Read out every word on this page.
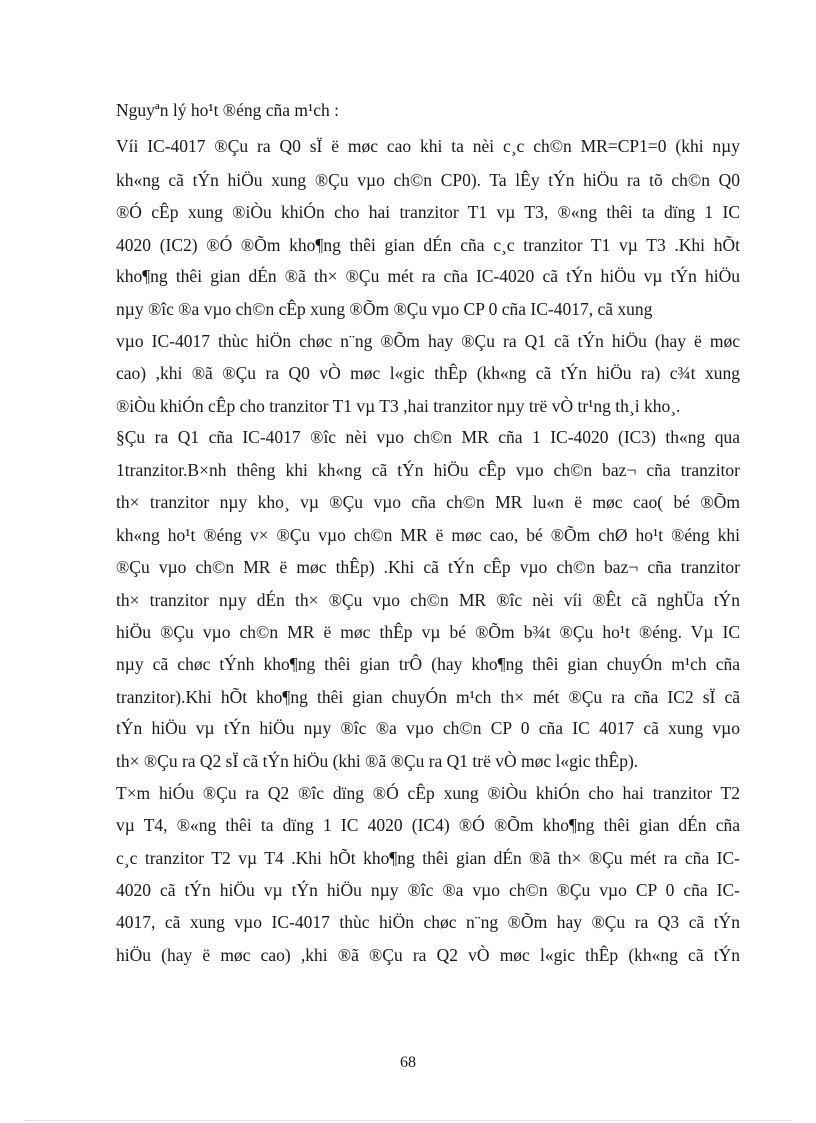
Nguyªn lý ho¹t ®éng cña m¹ch :
Víi IC-4017 ®Çu ra Q0 sÏ ë møc cao khi ta nèi c¸c ch©n MR=CP1=0 (khi nµy
kh«ng cã tÝn hiÖu xung ®Çu vµo ch©n CP0). Ta lÊy tÝn hiÖu ra tõ ch©n Q0
®Ó cÊp xung ®iÒu khiÓn cho hai tranzitor T1 vµ T3, ®«ng thêi ta dïng 1 IC
4020 (IC2) ®Ó ®Õm kho¶ng thêi gian dÉn cña c¸c tranzitor T1 vµ T3 .Khi hÕt
kho¶ng thêi gian dÉn ®ã th× ®Çu mét ra cña IC-4020 cã tÝn hiÖu vµ tÝn hiÖu
nµy ®îc ®a vµo ch©n cÊp xung ®Õm ®Çu vµo CP 0 cña IC-4017, cã xung
vµo IC-4017 thùc hiÖn chøc n¨ng ®Õm hay ®Çu ra Q1 cã tÝn hiÖu (hay ë møc
cao) ,khi ®ã ®Çu ra Q0 vÒ møc l«gic thÊp (kh«ng cã tÝn hiÖu ra) c¾t xung
®iÒu khiÓn cÊp cho tranzitor T1 vµ T3 ,hai tranzitor nµy trë vÒ tr¹ng th¸i kho¸.
§Çu ra Q1 cña IC-4017 ®îc nèi vµo ch©n MR cña 1 IC-4020 (IC3) th«ng qua
1tranzitor.B×nh thêng khi kh«ng cã tÝn hiÖu cÊp vµo ch©n baz¬ cña tranzitor
th× tranzitor nµy kho¸ vµ ®Çu vµo cña ch©n MR lu«n ë møc cao( bé ®Õm
kh«ng ho¹t ®éng v× ®Çu vµo ch©n MR ë møc cao, bé ®Õm chØ ho¹t ®éng khi
®Çu vµo ch©n MR ë møc thÊp) .Khi cã tÝn cÊp vµo ch©n baz¬ cña tranzitor
th× tranzitor nµy dÉn th× ®Çu vµo ch©n MR ®îc nèi víi ®Êt cã nghÜa tÝn
hiÖu ®Çu vµo ch©n MR ë møc thÊp vµ bé ®Õm b¾t ®Çu ho¹t ®éng. Vµ IC
nµy cã chøc tÝnh kho¶ng thêi gian trÔ (hay kho¶ng thêi gian chuyÓn m¹ch cña
tranzitor).Khi hÕt kho¶ng thêi gian chuyÓn m¹ch th× mét ®Çu ra cña IC2 sÏ cã
tÝn hiÖu vµ tÝn hiÖu nµy ®îc ®a vµo ch©n CP 0 cña IC 4017 cã xung vµo
th× ®Çu ra Q2 sÏ cã tÝn hiÖu (khi ®ã ®Çu ra Q1 trë vÒ møc l«gic thÊp).
T×m hiÓu ®Çu ra Q2 ®îc dïng ®Ó cÊp xung ®iÒu khiÓn cho hai tranzitor T2
vµ T4, ®«ng thêi ta dïng 1 IC 4020 (IC4) ®Ó ®Õm kho¶ng thêi gian dÉn cña
c¸c tranzitor T2 vµ T4 .Khi hÕt kho¶ng thêi gian dÉn ®ã th× ®Çu mét ra cña IC-
4020 cã tÝn hiÖu vµ tÝn hiÖu nµy ®îc ®a vµo ch©n ®Çu vµo CP 0 cña IC-
4017, cã xung vµo IC-4017 thùc hiÖn chøc n¨ng ®Õm hay ®Çu ra Q3 cã tÝn
hiÖu (hay ë møc cao) ,khi ®ã ®Çu ra Q2 vÒ møc l«gic thÊp (kh«ng cã tÝn
68
